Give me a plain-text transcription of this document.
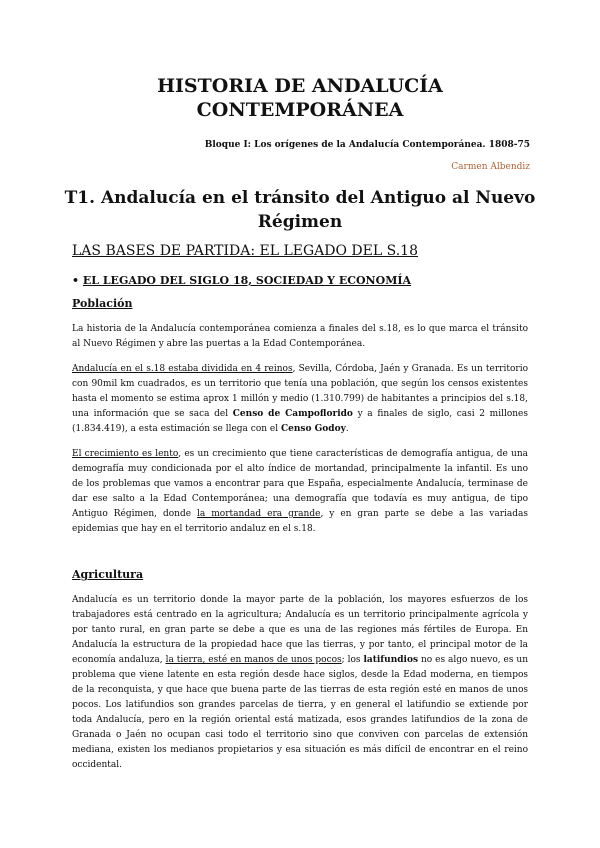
HISTORIA DE ANDALUCÍA
CONTEMPORÁNEA
Bloque I: Los orígenes de la Andalucía Contemporánea. 1808-75
Carmen Albendiz
T1. Andalucía en el tránsito del Antiguo al Nuevo
Régimen
LAS BASES DE PARTIDA: EL LEGADO DEL S.18
• EL LEGADO DEL SIGLO 18, SOCIEDAD Y ECONOMÍA
Población

La historia de la Andalucía contemporánea comienza a finales del s.18, es lo que marca el tránsito al Nuevo Régimen y abre las puertas a la Edad Contemporánea.

Andalucía en el s.18 estaba dividida en 4 reinos, Sevilla, Córdoba, Jaén y Granada. Es un territorio con 90mil km cuadrados, es un territorio que tenía una población, que según los censos existentes hasta el momento se estima aprox 1 millón y medio (1.310.799) de habitantes a principios del s.18, una información que se saca del Censo de Campoflorido y a finales de siglo, casi 2 millones (1.834.419), a esta estimación se llega con el Censo Godoy.

El crecimiento es lento, es un crecimiento que tiene características de demografía antigua, de una demografía muy condicionada por el alto índice de mortandad, principalmente la infantil. Es uno de los problemas que vamos a encontrar para que España, especialmente Andalucía, terminase de dar ese salto a la Edad Contemporánea; una demografía que todavía es muy antigua, de tipo Antiguo Régimen, donde la mortandad era grande, y en gran parte se debe a las variadas epidemias que hay en el territorio andaluz en el s.18.

Agricultura

Andalucía es un territorio donde la mayor parte de la población, los mayores esfuerzos de los trabajadores está centrado en la agricultura; Andalucía es un territorio principalmente agrícola y por tanto rural, en gran parte se debe a que es una de las regiones más fértiles de Europa. En Andalucía la estructura de la propiedad hace que las tierras, y por tanto, el principal motor de la economía andaluza, la tierra, esté en manos de unos pocos; los latifundios no es algo nuevo, es un problema que viene latente en esta región desde hace siglos, desde la Edad moderna, en tiempos de la reconquista, y que hace que buena parte de las tierras de esta región esté en manos de unos pocos. Los latifundios son grandes parcelas de tierra, y en general el latifundio se extiende por toda Andalucía, pero en la región oriental está matizada, esos grandes latifundios de la zona de Granada o Jaén no ocupan casi todo el territorio sino que conviven con parcelas de extensión mediana, existen los medianos propietarios y esa situación es más difícil de encontrar en el reino occidental.
